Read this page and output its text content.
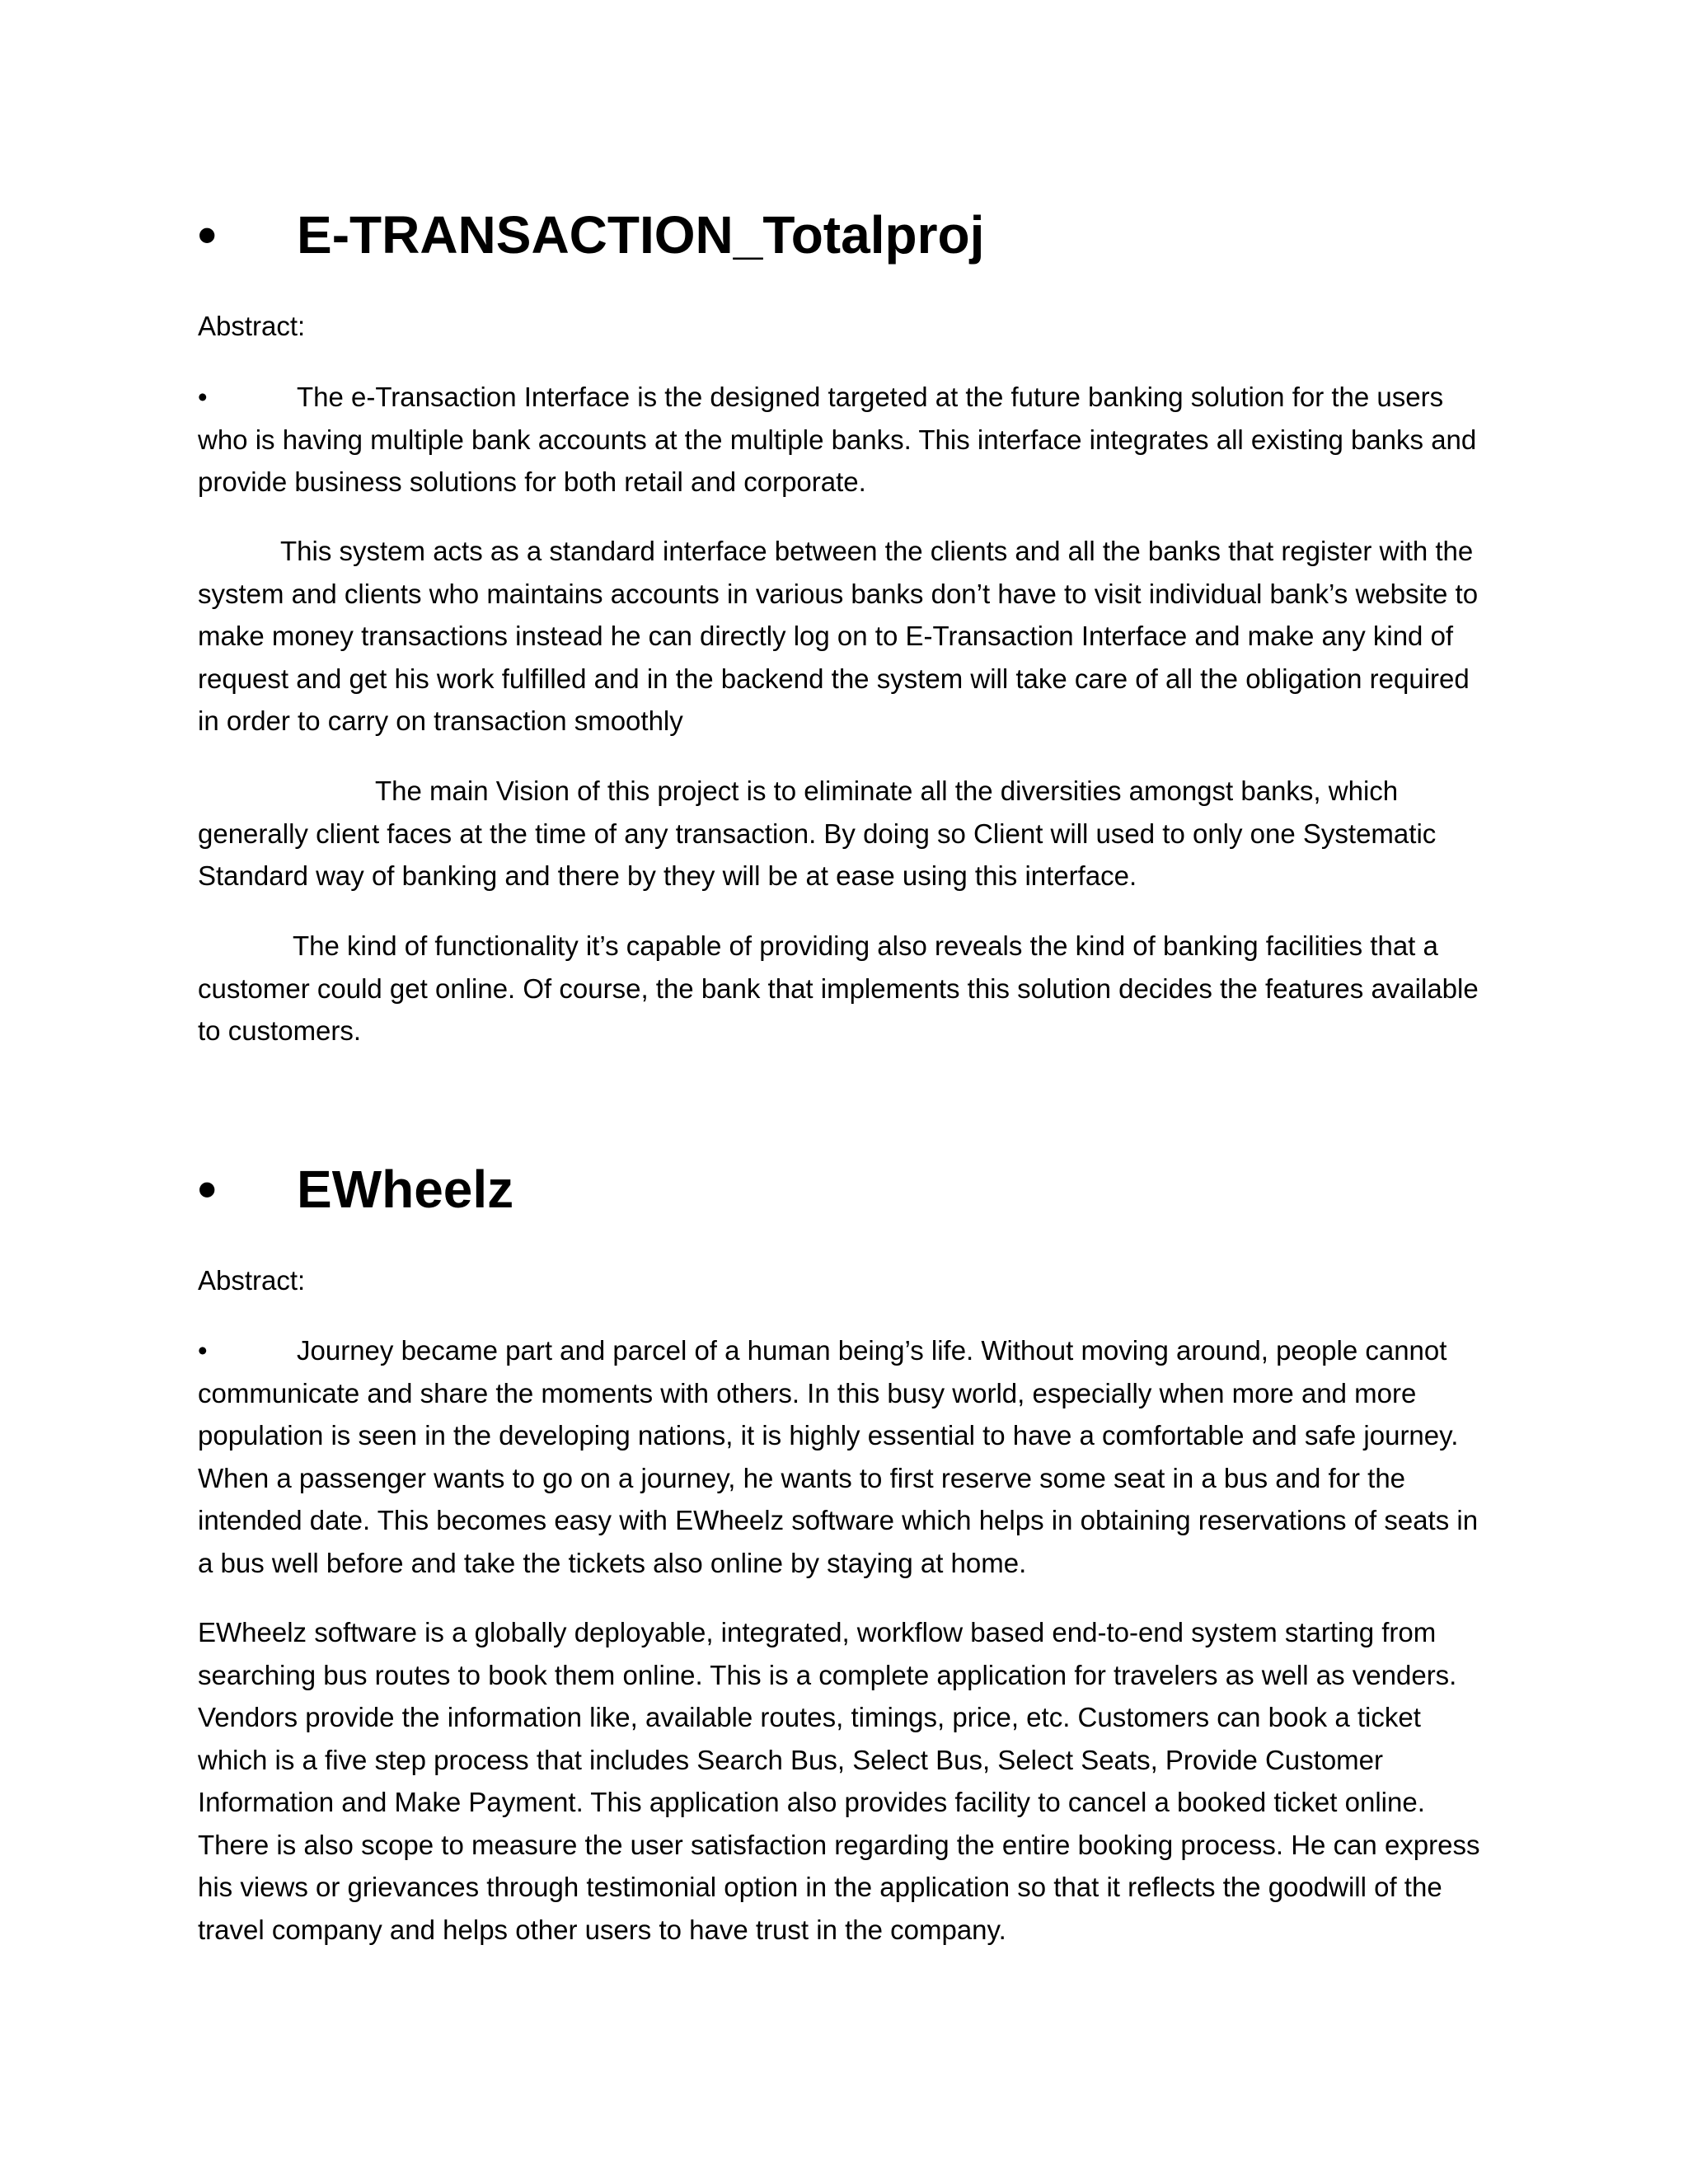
•	E-TRANSACTION_Totalproj
Abstract:

•	The e-Transaction Interface is the designed targeted at the future banking solution for the users who is having multiple bank accounts at the multiple banks. This interface integrates all existing banks and provide business solutions for both retail and corporate.

This system acts as a standard interface between the clients and all the banks that register with the system and clients who maintains accounts in various banks don’t have to visit individual bank’s website to make money transactions instead he can directly log on to E-Transaction Interface and make any kind of request and get his work fulfilled and in the backend the system will take care of all the obligation required in order to carry on transaction smoothly

The main Vision of this project is to eliminate all the diversities amongst banks, which generally client faces at the time of any transaction. By doing so Client will used to only one Systematic Standard way of banking and there by they will be at ease using this interface.

The kind of functionality it’s capable of providing also reveals the kind of banking facilities that a customer could get online. Of course, the bank that implements this solution decides the features available to customers.

•	EWheelz
Abstract:

•	Journey became part and parcel of a human being’s life. Without moving around, people cannot communicate and share the moments with others. In this busy world, especially when more and more population is seen in the developing nations, it is highly essential to have a comfortable and safe journey. When a passenger wants to go on a journey, he wants to first reserve some seat in a bus and for the intended date. This becomes easy with EWheelz software which helps in obtaining reservations of seats in a bus well before and take the tickets also online by staying at home.

EWheelz software is a globally deployable, integrated, workflow based end-to-end system starting from searching bus routes to book them online. This is a complete application for travelers as well as venders. Vendors provide the information like, available routes, timings, price, etc. Customers can book a ticket which is a five step process that includes Search Bus, Select Bus, Select Seats, Provide Customer Information and Make Payment. This application also provides facility to cancel a booked ticket online. There is also scope to measure the user satisfaction regarding the entire booking process. He can express his views or grievances through testimonial option in the application so that it reflects the goodwill of the travel company and helps other users to have trust in the company.
